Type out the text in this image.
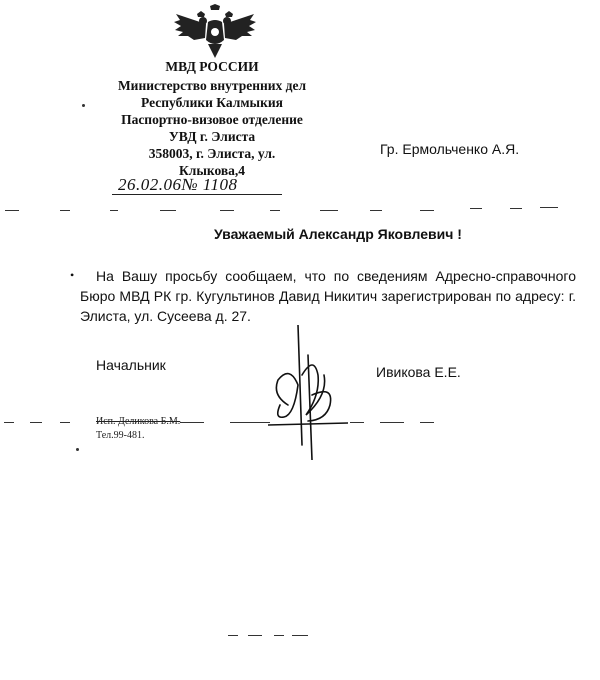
МВД РОССИИ
Министерство внутренних дел
Республики Калмыкия
Паспортно-визовое отделение
УВД г. Элиста
358003, г. Элиста, ул.
Клыкова,4
26.02.06№ 1108
Гр. Ермольченко А.Я.
Уважаемый Александр Яковлевич !
•	На Вашу просьбу сообщаем, что по сведениям Адресно-справочного Бюро МВД РК гр. Кугультинов Давид Никитич зарегистрирован по адресу: г. Элиста, ул. Сусеева д. 27.
Начальник	Ивикова Е.Е.
Исп. Деликова Б.М.
Тел.99-481.
